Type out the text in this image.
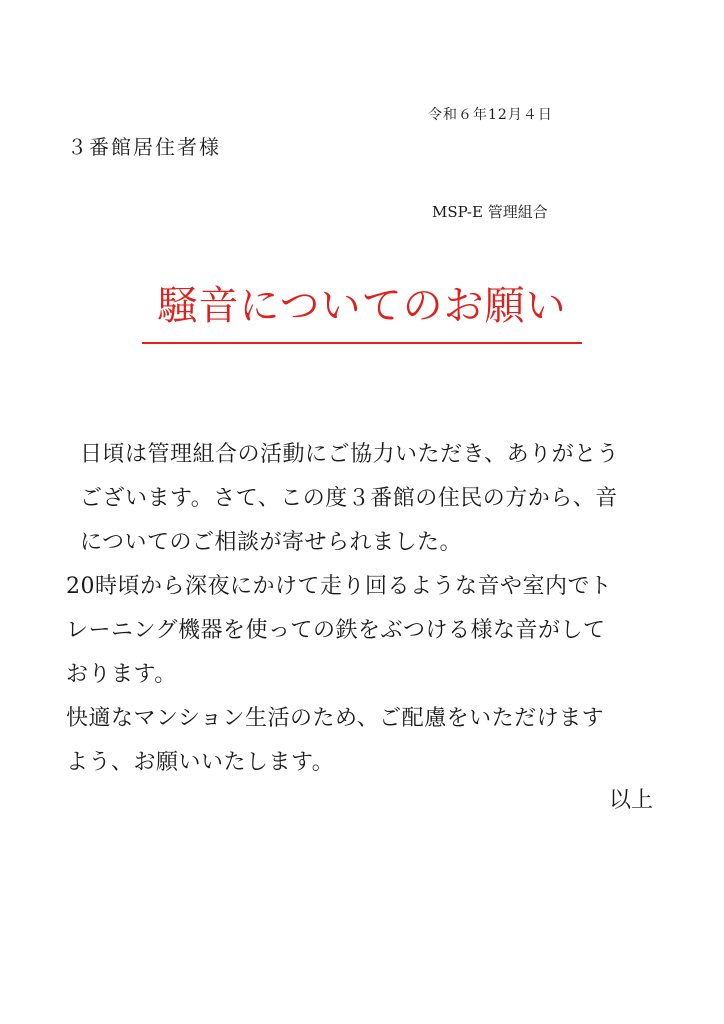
令和６年12月４日
３番館居住者様
MSP-E 管理組合
騒音についてのお願い
日頃は管理組合の活動にご協力いただき、ありがとう
ございます。さて、この度３番館の住民の方から、音
についてのご相談が寄せられました。
20時頃から深夜にかけて走り回るような音や室内でト
レーニング機器を使っての鉄をぶつける様な音がして
おります。
快適なマンション生活のため、ご配慮をいただけます
よう、お願いいたします。
以上
